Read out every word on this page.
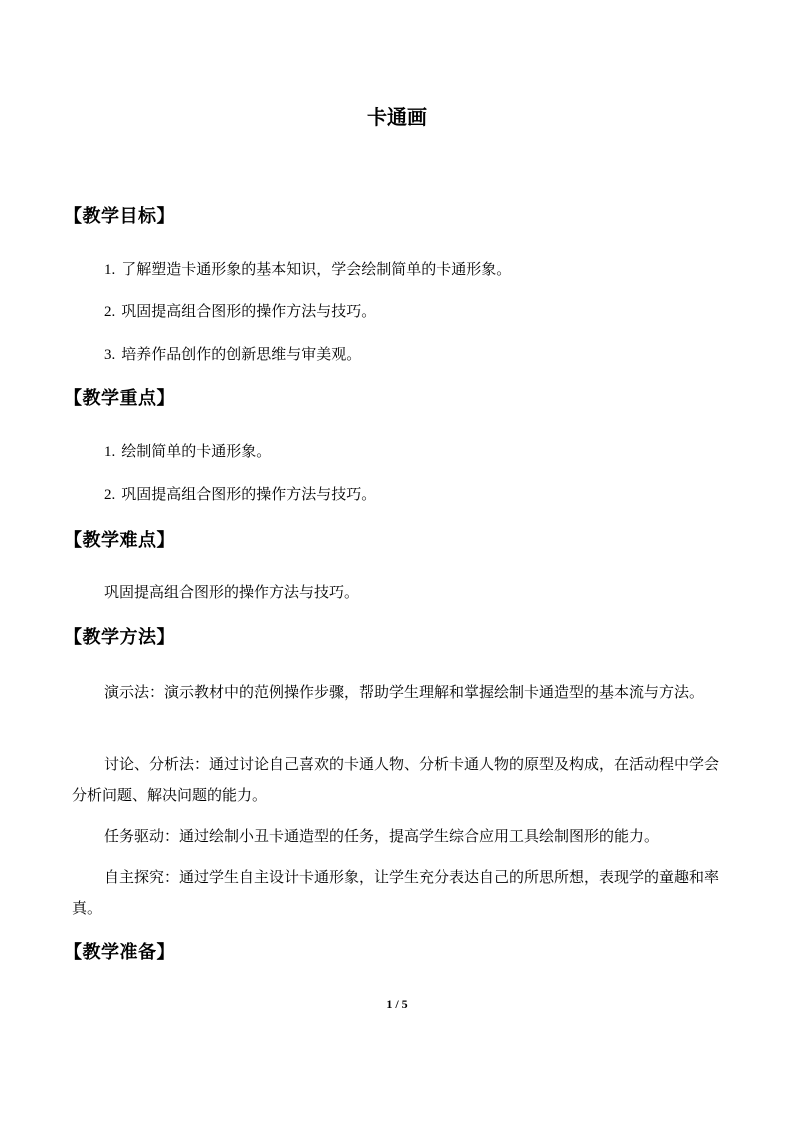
卡通画
【教学目标】
1. 了解塑造卡通形象的基本知识，学会绘制简单的卡通形象。
2. 巩固提高组合图形的操作方法与技巧。
3. 培养作品创作的创新思维与审美观。
【教学重点】
1. 绘制简单的卡通形象。
2. 巩固提高组合图形的操作方法与技巧。
【教学难点】
巩固提高组合图形的操作方法与技巧。
【教学方法】

演示法：演示教材中的范例操作步骤，帮助学生理解和掌握绘制卡通造型的基本流与方法。

讨论、分析法：通过讨论自己喜欢的卡通人物、分析卡通人物的原型及构成，在活动程中学会分析问题、解决问题的能力。

任务驱动：通过绘制小丑卡通造型的任务，提高学生综合应用工具绘制图形的能力。

自主探究：通过学生自主设计卡通形象，让学生充分表达自己的所思所想，表现学的童趣和率真。

【教学准备】
1 / 5
